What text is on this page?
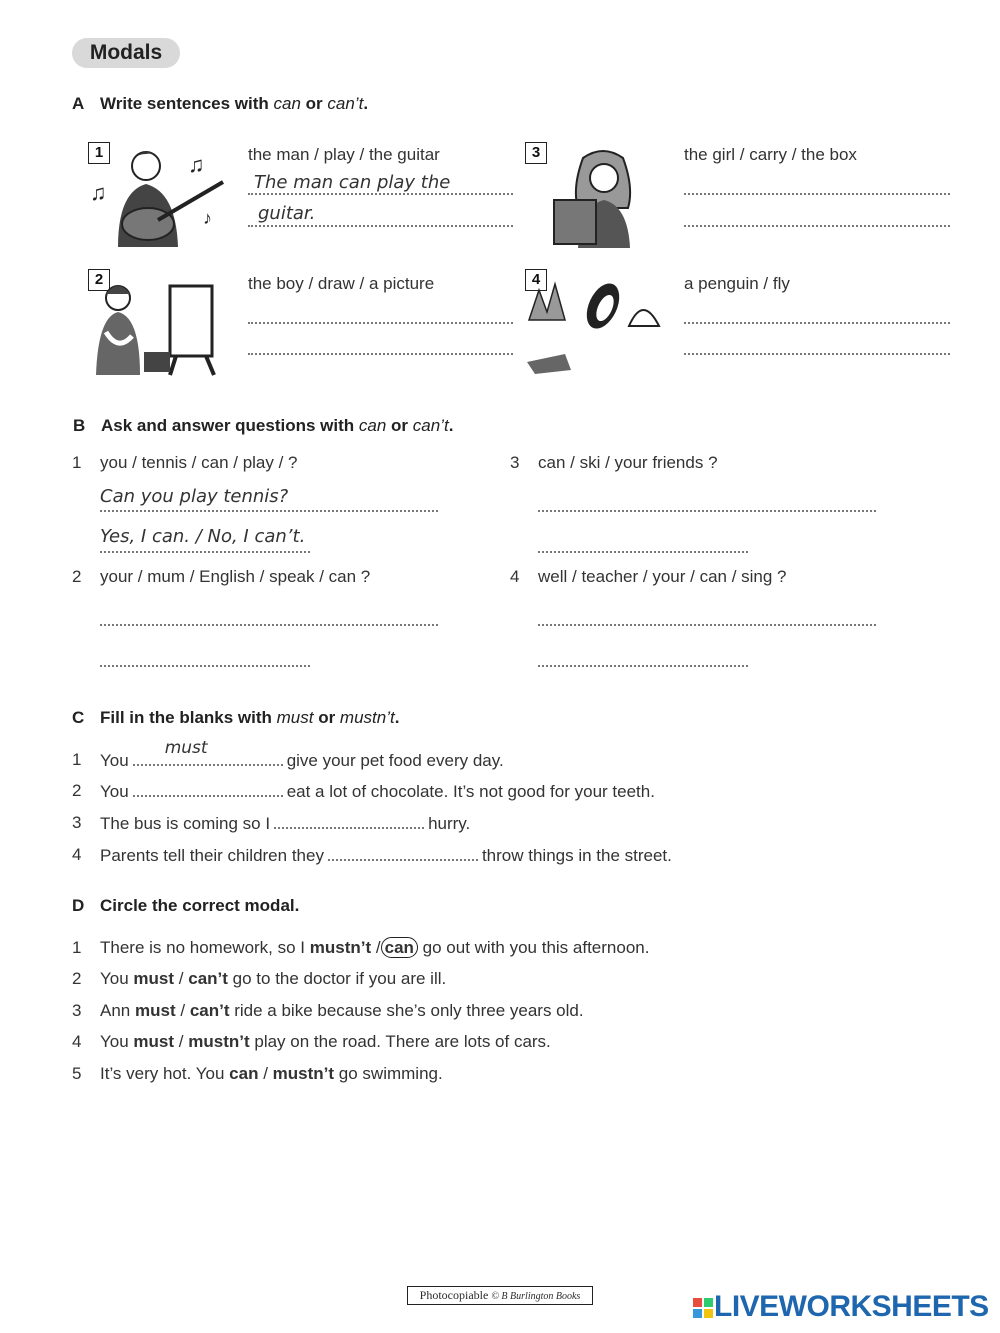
Modals
A Write sentences with can or can’t.
1	♫
♫
♪
the man / play / the guitar
The man can play the
guitar.
3	the girl / carry / the box
2	the boy / draw / a picture	4	a penguin / fly
B Ask and answer questions with can or can’t.
1 you / tennis / can / play / ?
Can you play tennis?
Yes, I can. / No, I can’t.
3 can / ski / your friends ?
2 your / mum / English / speak / can ?	4 well / teacher / your / can / sing ?
C Fill in the blanks with must or mustn’t.
1 You
must
give your pet food every day.
2 You	eat a lot of chocolate. It’s not good for your teeth.
3 The bus is coming so I	hurry.
4 Parents tell their children they	throw things in the street.
D Circle the correct modal.
1 There is no homework, so I mustn’t / can go out with you this afternoon.
2 You must / can’t go to the doctor if you are ill.
3 Ann must / can’t ride a bike because she’s only three years old.
4 You must / mustn’t play on the road. There are lots of cars.
5 It’s very hot. You can / mustn’t go swimming.
Photocopiable © B Burlington Books	LIVEWORKSHEETS
